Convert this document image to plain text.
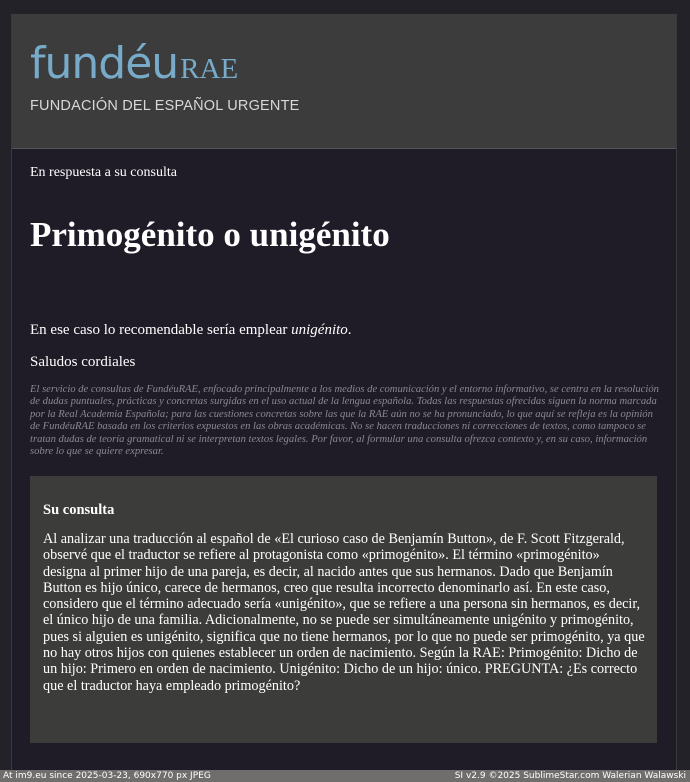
fundéuRAE
FUNDACIÓN DEL ESPAÑOL URGENTE
En respuesta a su consulta
Primogénito o unigénito
En ese caso lo recomendable sería emplear unigénito.
Saludos cordiales
El servicio de consultas de FundéuRAE, enfocado principalmente a los medios de comunicación y el entorno informativo, se centra en la resolución de dudas puntuales, prácticas y concretas surgidas en el uso actual de la lengua española. Todas las respuestas ofrecidas siguen la norma marcada por la Real Academia Española; para las cuestiones concretas sobre las que la RAE aún no se ha pronunciado, lo que aquí se refleja es la opinión de FundéuRAE basada en los criterios expuestos en las obras académicas. No se hacen traducciones ni correcciones de textos, como tampoco se tratan dudas de teoría gramatical ni se interpretan textos legales. Por favor, al formular una consulta ofrezca contexto y, en su caso, información sobre lo que se quiere expresar.

Su consulta

Al analizar una traducción al español de «El curioso caso de Benjamín Button», de F. Scott Fitzgerald, observé que el traductor se refiere al protagonista como «primogénito». El término «primogénito» designa al primer hijo de una pareja, es decir, al nacido antes que sus hermanos. Dado que Benjamín Button es hijo único, carece de hermanos, creo que resulta incorrecto denominarlo así. En este caso, considero que el término adecuado sería «unigénito», que se refiere a una persona sin hermanos, es decir, el único hijo de una familia. Adicionalmente, no se puede ser simultáneamente unigénito y primogénito, pues si alguien es unigénito, significa que no tiene hermanos, por lo que no puede ser primogénito, ya que no hay otros hijos con quienes establecer un orden de nacimiento. Según la RAE: Primogénito: Dicho de un hijo: Primero en orden de nacimiento. Unigénito: Dicho de un hijo: único. PREGUNTA: ¿Es correcto que el traductor haya empleado primogénito?

At im9.eu since 2025-03-23, 690x770 px JPEG	SI v2.9 ©2025 SublimeStar.com Walerian Walawski
